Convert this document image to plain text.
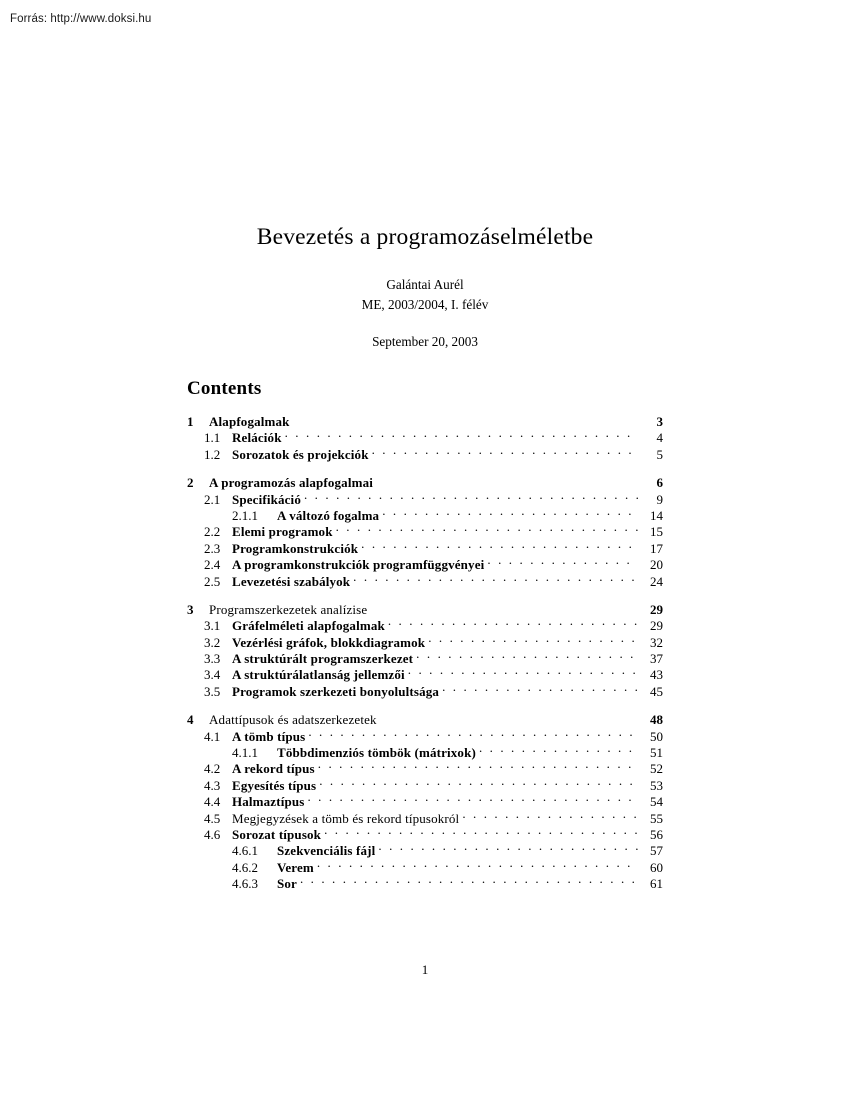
Forrás: http://www.doksi.hu
Bevezetés a programozáselméletbe
Galántai Aurél
ME, 2003/2004, I. félév
September 20, 2003
Contents
1	Alapfogalmak	3
1.1 Relációk . . .	4
1.2 Sorozatok és projekciók . . .	5
2	A programozás alapfogalmai	6
2.1 Specifikáció . . .	9
2.1.1	A változó fogalma . . .	14
2.2 Elemi programok . . .	15
2.3 Programkonstrukciók . . .	17
2.4 A programkonstrukciók programfüggvényei . . .	20
2.5 Levezetési szabályok . . .	24
3	Programszerkezetek analízise	29
3.1 Gráfelméleti alapfogalmak . . .	29
3.2 Vezérlési gráfok, blokkdiagramok . . .	32
3.3 A struktúrált programszerkezet . . .	37
3.4 A struktúrálatlanság jellemzői . . .	43
3.5 Programok szerkezeti bonyolultsága . . .	45
4	Adattípusok és adatszerkezetek	48
4.1 A tömb típus . . .	50
4.1.1	Többdimenziós tömbök (mátrixok) . . .	51
4.2 A rekord típus . . .	52
4.3 Egyesítés típus . . .	53
4.4 Halmaztípus . . .	54
4.5 Megjegyzések a tömb és rekord típusokról . . .	55
4.6 Sorozat típusok . . .	56
4.6.1	Szekvenciális fájl . . .	57
4.6.2	Verem . . .	60
4.6.3	Sor . . .	61
1
